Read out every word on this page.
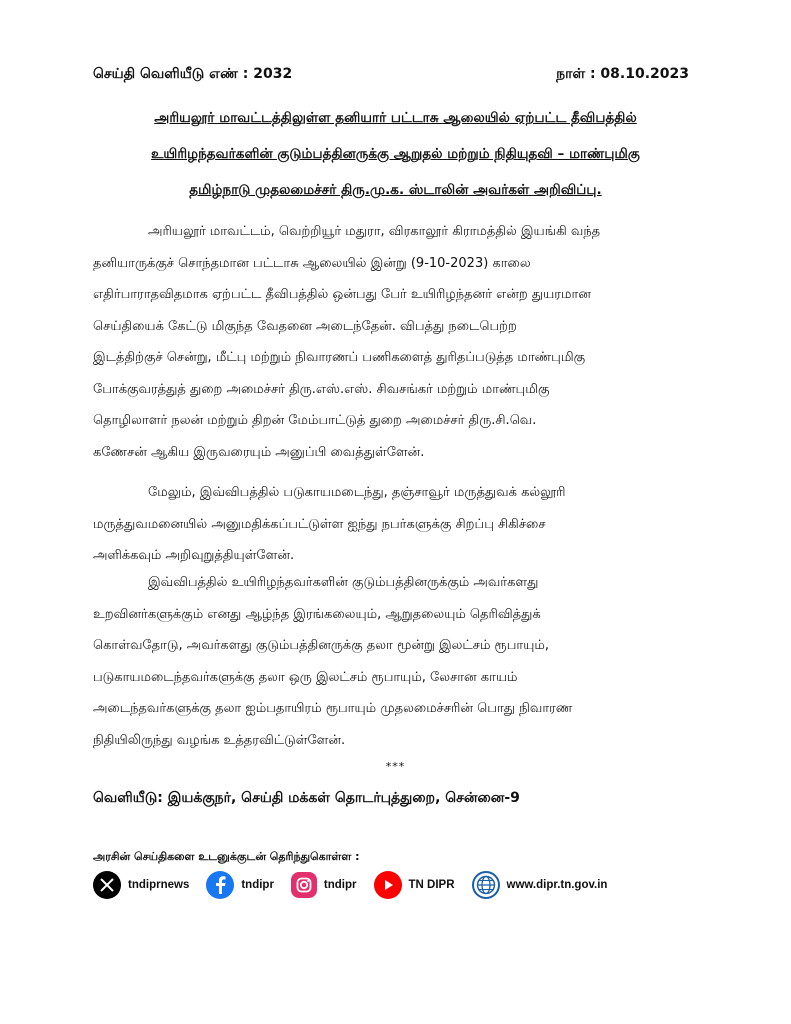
செய்தி வெளியீடு எண் : 2032	நாள் : 08.10.2023
அரியலூர் மாவட்டத்திலுள்ள தனியார் பட்டாசு ஆலையில் ஏற்பட்ட தீவிபத்தில்
உயிரிழந்தவர்களின் குடும்பத்தினருக்கு ஆறுதல் மற்றும் நிதியுதவி – மாண்புமிகு
தமிழ்நாடு முதலமைச்சர் திரு.மு.க. ஸ்டாலின் அவர்கள் அறிவிப்பு.
அரியலூர் மாவட்டம், வெற்றியூர் மதுரா, விரகாலூர் கிராமத்தில் இயங்கி வந்த
தனியாருக்குச் சொந்தமான பட்டாசு ஆலையில் இன்று (9-10-2023) காலை
எதிர்பாராதவிதமாக ஏற்பட்ட தீவிபத்தில் ஒன்பது பேர் உயிரிழந்தனர் என்ற துயரமான
செய்தியைக் கேட்டு மிகுந்த வேதனை அடைந்தேன். விபத்து நடைபெற்ற
இடத்திற்குச் சென்று, மீட்பு மற்றும் நிவாரணப் பணிகளைத் துரிதப்படுத்த மாண்புமிகு
போக்குவரத்துத் துறை அமைச்சர் திரு.எஸ்.எஸ். சிவசங்கர் மற்றும் மாண்புமிகு
தொழிலாளர் நலன் மற்றும் திறன் மேம்பாட்டுத் துறை அமைச்சர் திரு.சி.வெ.
கணேசன் ஆகிய இருவரையும் அனுப்பி வைத்துள்ளேன்.
மேலும், இவ்விபத்தில் படுகாயமடைந்து, தஞ்சாவூர் மருத்துவக் கல்லூரி
மருத்துவமனையில் அனுமதிக்கப்பட்டுள்ள ஐந்து நபர்களுக்கு சிறப்பு சிகிச்சை
அளிக்கவும் அறிவுறுத்தியுள்ளேன்.
இவ்விபத்தில் உயிரிழந்தவர்களின் குடும்பத்தினருக்கும் அவர்களது
உறவினர்களுக்கும் எனது ஆழ்ந்த இரங்கலையும், ஆறுதலையும் தெரிவித்துக்
கொள்வதோடு, அவர்களது குடும்பத்தினருக்கு தலா மூன்று இலட்சம் ரூபாயும்,
படுகாயமடைந்தவர்களுக்கு தலா ஒரு இலட்சம் ரூபாயும், லேசான காயம்
அடைந்தவர்களுக்கு தலா ஐம்பதாயிரம் ரூபாயும் முதலமைச்சரின் பொது நிவாரண
நிதியிலிருந்து வழங்க உத்தரவிட்டுள்ளேன்.
***
வெளியீடு: இயக்குநர், செய்தி மக்கள் தொடர்புத்துறை, சென்னை-9
அரசின் செய்திகளை உடனுக்குடன் தெரிந்துகொள்ள :
tndiprnews	tndipr	tndipr	TN DIPR	www.dipr.tn.gov.in
